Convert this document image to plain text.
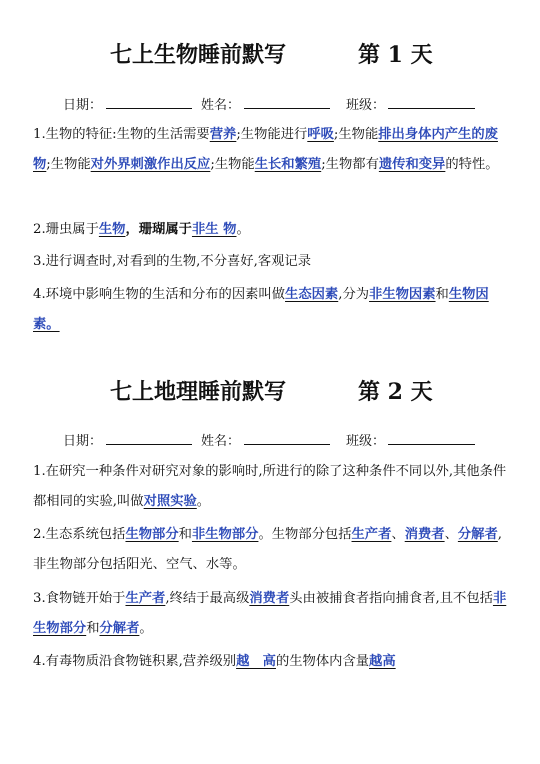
七上生物睡前默写	第 1 天
日期：	姓名：	班级：
1.生物的特征:生物的生活需要营养;生物能进行呼吸;生物能排出身体内产生的废物;生物能对外界刺激作出反应;生物能生长和繁殖;生物都有遗传和变异的特性。
2.珊虫属于生物，珊瑚属于非生 物。
3.进行调查时,对看到的生物,不分喜好,客观记录
4.环境中影响生物的生活和分布的因素叫做生态因素,分为非生物因素和生物因素。
七上地理睡前默写	第 2 天
日期：	姓名：	班级：
1.在研究一种条件对研究对象的影响时,所进行的除了这种条件不同以外,其他条件都相同的实验,叫做对照实验。
2.生态系统包括生物部分和非生物部分。生物部分包括生产者、消费者、分解者,非生物部分包括阳光、空气、水等。
3.食物链开始于生产者,终结于最高级消费者头由被捕食者指向捕食者,且不包括非生物部分和分解者。
4.有毒物质沿食物链积累,营养级别越　高的生物体内含量越高
